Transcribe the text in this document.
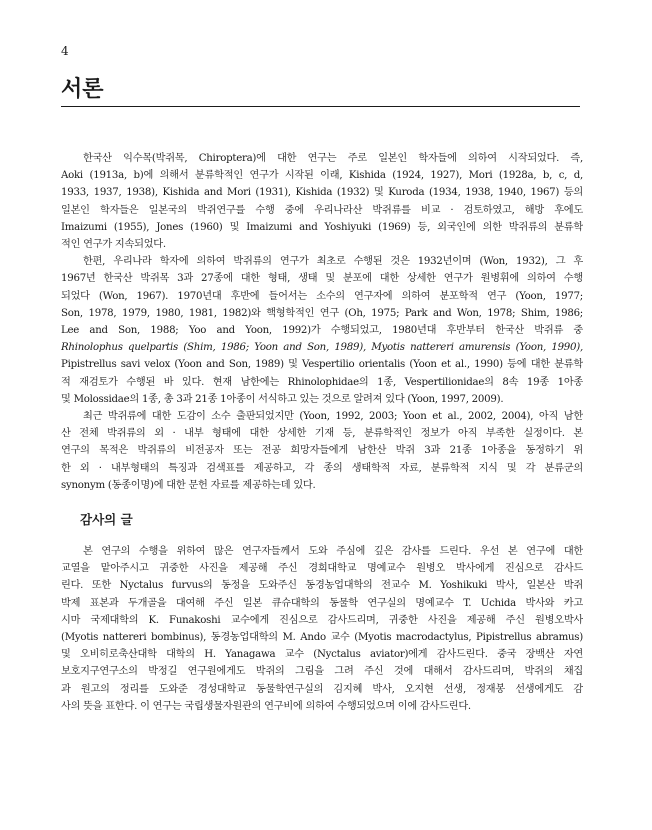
4
서론
한국산 익수목(박쥐목, Chiroptera)에 대한 연구는 주로 일본인 학자들에 의하여 시작되었다. 즉,
Aoki (1913a, b)에 의해서 분류학적인 연구가 시작된 이래, Kishida (1924, 1927), Mori (1928a, b, c, d,
1933, 1937, 1938), Kishida and Mori (1931), Kishida (1932) 및 Kuroda (1934, 1938, 1940, 1967) 등의
일본인 학자들은 일본국의 박쥐연구를 수행 중에 우리나라산 박쥐류를 비교 · 검토하였고, 해방 후에도
Imaizumi (1955), Jones (1960) 및 Imaizumi and Yoshiyuki (1969) 등, 외국인에 의한 박쥐류의 분류학
적인 연구가 지속되었다.
한편, 우리나라 학자에 의하여 박쥐류의 연구가 최초로 수행된 것은 1932년이며 (Won, 1932), 그 후
1967년 한국산 박쥐목 3과 27종에 대한 형태, 생태 및 분포에 대한 상세한 연구가 원병휘에 의하여 수행
되었다 (Won, 1967). 1970년대 후반에 들어서는 소수의 연구자에 의하여 분포학적 연구 (Yoon, 1977;
Son, 1978, 1979, 1980, 1981, 1982)와 핵형학적인 연구 (Oh, 1975; Park and Won, 1978; Shim, 1986;
Lee and Son, 1988; Yoo and Yoon, 1992)가 수행되었고, 1980년대 후반부터 한국산 박쥐류 중
Rhinolophus quelpartis (Shim, 1986; Yoon and Son, 1989), Myotis nattereri amurensis (Yoon, 1990),
Pipistrellus savi velox (Yoon and Son, 1989) 및 Vespertilio orientalis (Yoon et al., 1990) 등에 대한 분류학
적 재검토가 수행된 바 있다. 현재 남한에는 Rhinolophidae의 1종, Vespertilionidae의 8속 19종 1아종
및 Molossidae의 1종, 총 3과 21종 1아종이 서식하고 있는 것으로 알려져 있다 (Yoon, 1997, 2009).
최근 박쥐류에 대한 도감이 소수 출판되었지만 (Yoon, 1992, 2003; Yoon et al., 2002, 2004), 아직 남한
산 전체 박쥐류의 외 · 내부 형태에 대한 상세한 기재 등, 분류학적인 정보가 아직 부족한 실정이다. 본
연구의 목적은 박쥐류의 비전공자 또는 전공 희망자들에게 남한산 박쥐 3과 21종 1아종을 동정하기 위
한 외 · 내부형태의 특징과 검색표를 제공하고, 각 종의 생태학적 자료, 분류학적 지식 및 각 분류군의
synonym (동종이명)에 대한 문헌 자료를 제공하는데 있다.
감사의 글
본 연구의 수행을 위하여 많은 연구자들께서 도와 주심에 깊은 감사를 드린다. 우선 본 연구에 대한
교열을 맡아주시고 귀중한 사진을 제공해 주신 경희대학교 명예교수 원병오 박사에게 진심으로 감사드
린다. 또한 Nyctalus furvus의 동정을 도와주신 동경농업대학의 전교수 M. Yoshikuki 박사, 일본산 박쥐
박제 표본과 두개골을 대여해 주신 일본 큐슈대학의 동물학 연구실의 명예교수 T. Uchida 박사와 카고
시마 국제대학의 K. Funakoshi 교수에게 진심으로 감사드리며, 귀중한 사진을 제공해 주신 원병오박사
(Myotis nattereri bombinus), 동경농업대학의 M. Ando 교수 (Myotis macrodactylus, Pipistrellus abramus)
및 오비히로축산대학 대학의 H. Yanagawa 교수 (Nyctalus aviator)에게 감사드린다. 중국 장백산 자연
보호지구연구소의 박정길 연구원에게도 박쥐의 그림을 그려 주신 것에 대해서 감사드리며, 박쥐의 채집
과 원고의 정리를 도와준 경성대학교 동물학연구실의 김지혜 박사, 오지현 선생, 정재봉 선생에게도 감
사의 뜻을 표한다. 이 연구는 국립생물자원관의 연구비에 의하여 수행되었으며 이에 감사드린다.
